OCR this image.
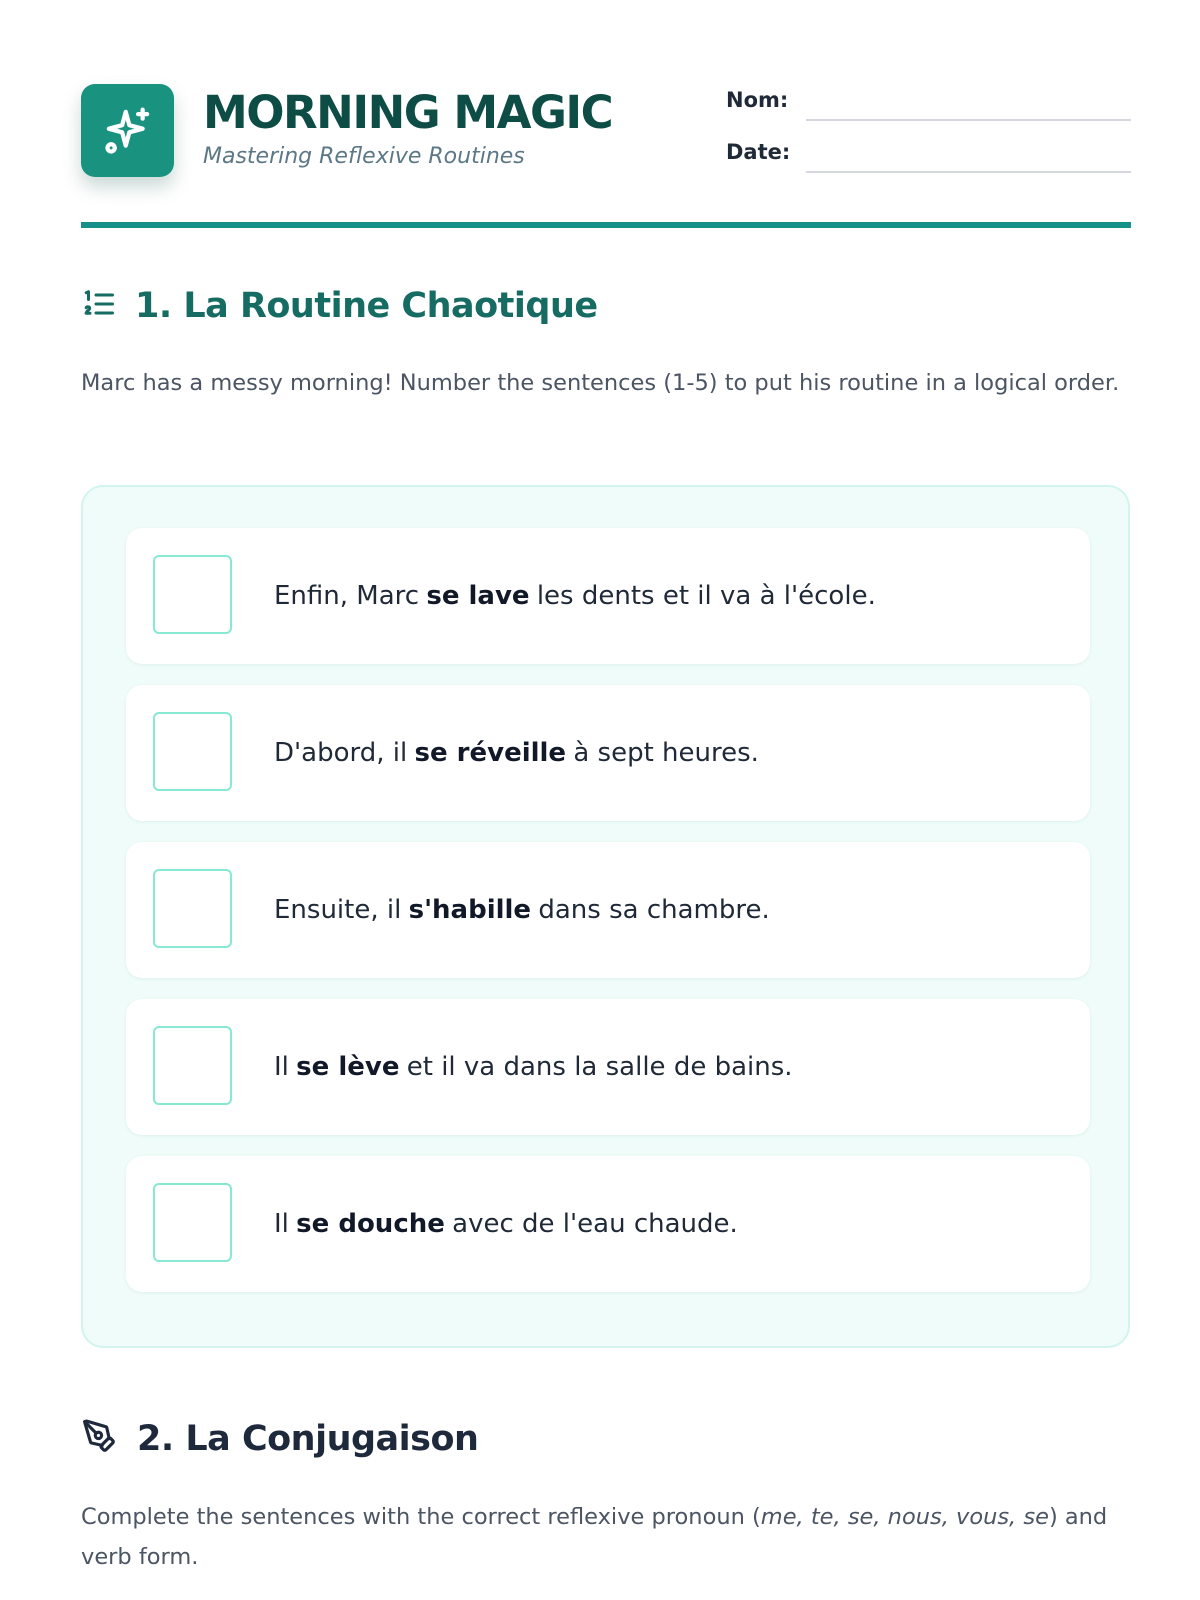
MORNING MAGIC

Mastering Reflexive Routines

Nom:
Date:
1. La Routine Chaotique

Marc has a messy morning! Number the sentences (1-5) to put his routine in a logical order.

Enfin, Marc se lave les dents et il va à l'école.
D'abord, il se réveille à sept heures.
Ensuite, il s'habille dans sa chambre.
Il se lève et il va dans la salle de bains.
Il se douche avec de l'eau chaude.
2. La Conjugaison

Complete the sentences with the correct reflexive pronoun (me, te, se, nous, vous, se) and verb form.
